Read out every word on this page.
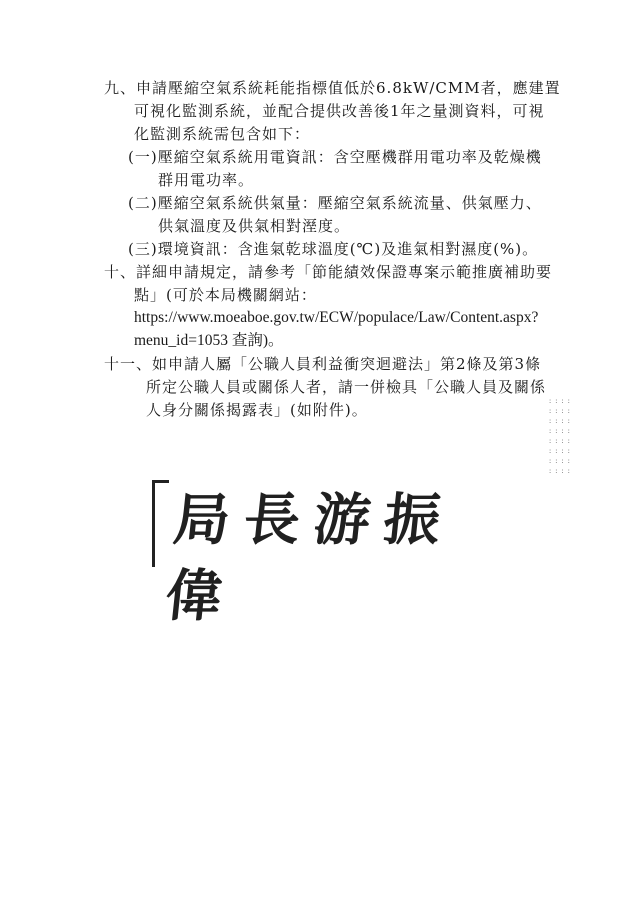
九、申請壓縮空氣系統耗能指標值低於6.8kW/CMM者，應建置
可視化監測系統，並配合提供改善後1年之量測資料，可視
化監測系統需包含如下：
(一)壓縮空氣系統用電資訊：含空壓機群用電功率及乾燥機
群用電功率。
(二)壓縮空氣系統供氣量：壓縮空氣系統流量、供氣壓力、
供氣溫度及供氣相對溼度。
(三)環境資訊：含進氣乾球溫度(℃)及進氣相對濕度(%)。
十、詳細申請規定，請參考「節能績效保證專案示範推廣補助要
點」(可於本局機關網站：
https://www.moeaboe.gov.tw/ECW/populace/Law/Content.aspx?
menu_id=1053 查詢)。
十一、如申請人屬「公職人員利益衝突迴避法」第2條及第3條
所定公職人員或關係人者，請一併檢具「公職人員及關係
人身分關係揭露表」(如附件)。	::::
::::
::::
::::
::::
::::
::::
::::
局長游振偉
